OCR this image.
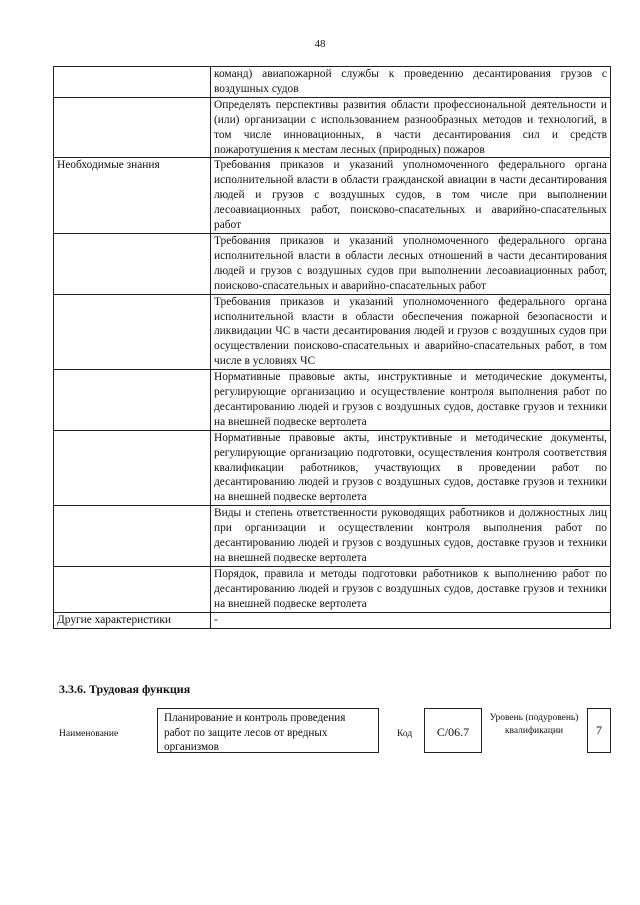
48
	команд) авиапожарной службы к проведению десантирования грузов с воздушных судов
	Определять перспективы развития области профессиональной деятельности и (или) организации с использованием разнообразных методов и технологий, в том числе инновационных, в части десантирования сил и средств пожаротушения к местам лесных (природных) пожаров
Необходимые знания	Требования приказов и указаний уполномоченного федерального органа исполнительной власти в области гражданской авиации в части десантирования людей и грузов с воздушных судов, в том числе при выполнении лесоавиационных работ, поисково-спасательных и аварийно-спасательных работ
	Требования приказов и указаний уполномоченного федерального органа исполнительной власти в области лесных отношений в части десантирования людей и грузов с воздушных судов при выполнении лесоавиационных работ, поисково-спасательных и аварийно-спасательных работ
	Требования приказов и указаний уполномоченного федерального органа исполнительной власти в области обеспечения пожарной безопасности и ликвидации ЧС в части десантирования людей и грузов с воздушных судов при осуществлении поисково-спасательных и аварийно-спасательных работ, в том числе в условиях ЧС
	Нормативные правовые акты, инструктивные и методические документы, регулирующие организацию и осуществление контроля выполнения работ по десантированию людей и грузов с воздушных судов, доставке грузов и техники на внешней подвеске вертолета
	Нормативные правовые акты, инструктивные и методические документы, регулирующие организацию подготовки, осуществления контроля соответствия квалификации работников, участвующих в проведении работ по десантированию людей и грузов с воздушных судов, доставке грузов и техники на внешней подвеске вертолета
	Виды и степень ответственности руководящих работников и должностных лиц при организации и осуществлении контроля выполнения работ по десантированию людей и грузов с воздушных судов, доставке грузов и техники на внешней подвеске вертолета
	Порядок, правила и методы подготовки работников к выполнению работ по десантированию людей и грузов с воздушных судов, доставке грузов и техники на внешней подвеске вертолета
Другие характеристики	-
3.3.6. Трудовая функция
Наименование
Планирование и контроль проведения работ по защите лесов от вредных организмов
Код	C/06.7
Уровень (подуровень) квалификации	7
